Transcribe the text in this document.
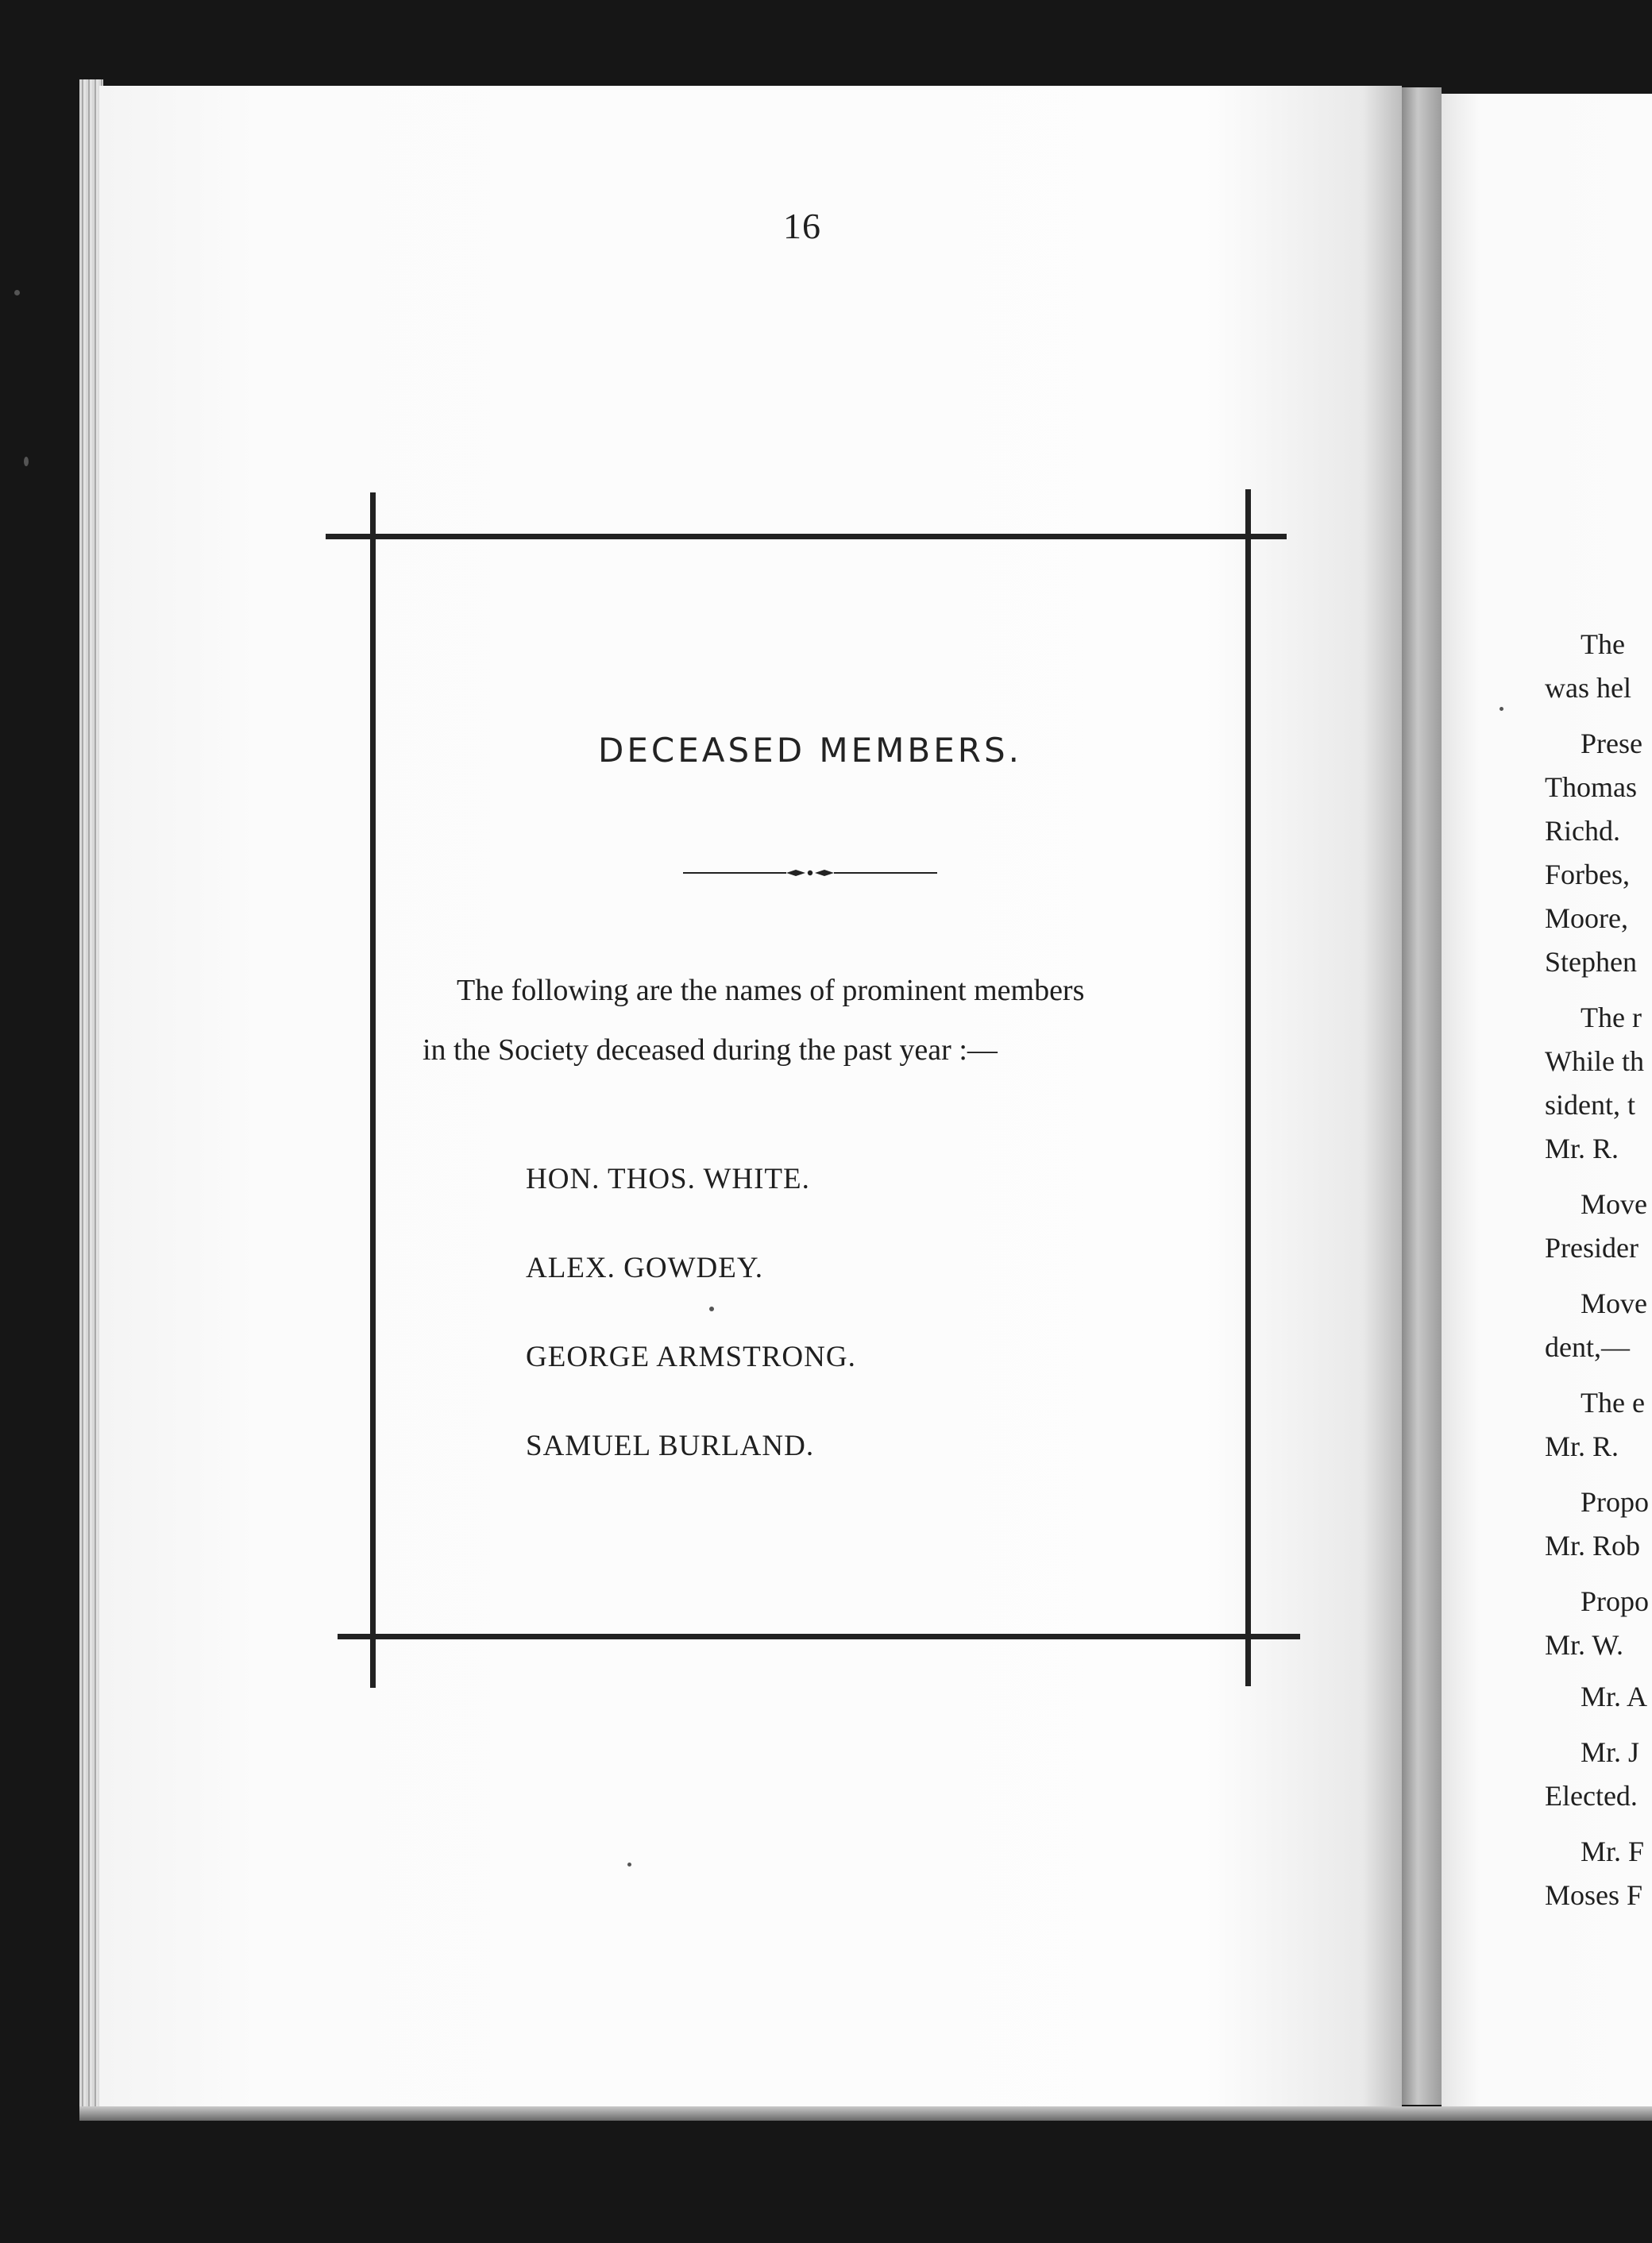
16
DECEASED MEMBERS.
The following are the names of prominent members
in the Society deceased during the past year :—
HON. THOS. WHITE.
ALEX. GOWDEY.
GEORGE ARMSTRONG.
SAMUEL BURLAND.
The
was hel
Prese
Thomas
Richd.
Forbes,
Moore,
Stephen
The r
While th
sident, t
Mr. R.
Move
Presider
Move
dent,—
The e
Mr. R.
Propo
Mr. Rob
Propo
Mr. W.
Mr. A
Mr. J
Elected.
Mr. F
Moses F
